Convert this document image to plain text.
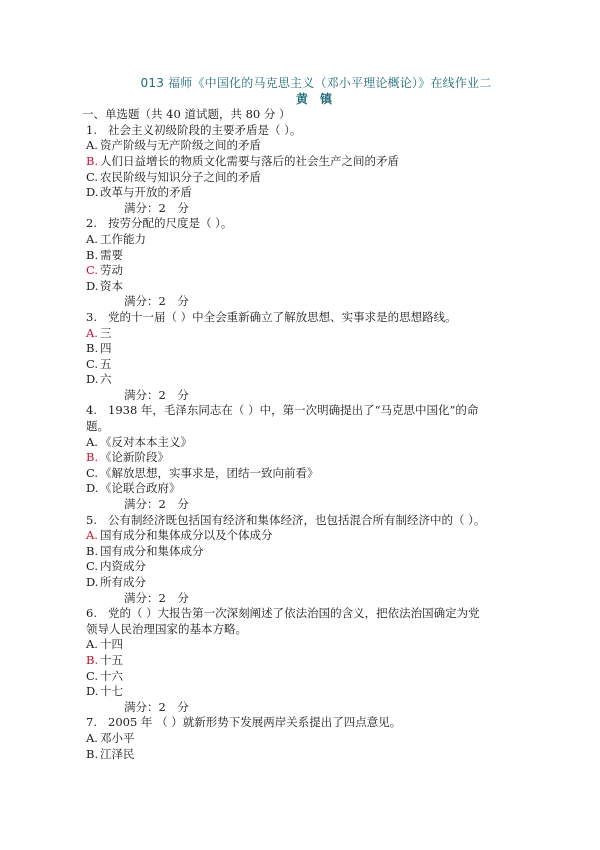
013 福师《中国化的马克思主义（邓小平理论概论）》在线作业二
黄 镇
一、单选题（共 40 道试题，共 80 分 ）
1. 社会主义初级阶段的主要矛盾是（ ）。
A. 资产阶级与无产阶级之间的矛盾
B. 人们日益增长的物质文化需要与落后的社会生产之间的矛盾
C. 农民阶级与知识分子之间的矛盾
D. 改革与开放的矛盾
满分：2　分
2. 按劳分配的尺度是（ ）。
A. 工作能力
B. 需要
C. 劳动
D. 资本
满分：2　分
3. 党的十一届（ ）中全会重新确立了解放思想、实事求是的思想路线。
A. 三
B. 四
C. 五
D. 六
满分：2　分
4. 1938 年，毛泽东同志在（ ）中，第一次明确提出了“马克思中国化”的命
题。
A. 《反对本本主义》
B. 《论新阶段》
C. 《解放思想，实事求是，团结一致向前看》
D. 《论联合政府》
满分：2　分
5. 公有制经济既包括国有经济和集体经济，也包括混合所有制经济中的（ ）。
A. 国有成分和集体成分以及个体成分
B. 国有成分和集体成分
C. 内资成分
D. 所有成分
满分：2　分
6. 党的（ ）大报告第一次深刻阐述了依法治国的含义，把依法治国确定为党
领导人民治理国家的基本方略。
A. 十四
B. 十五
C. 十六
D. 十七
满分：2　分
7. 2005 年 （ ）就新形势下发展两岸关系提出了四点意见。
A. 邓小平
B. 江泽民
